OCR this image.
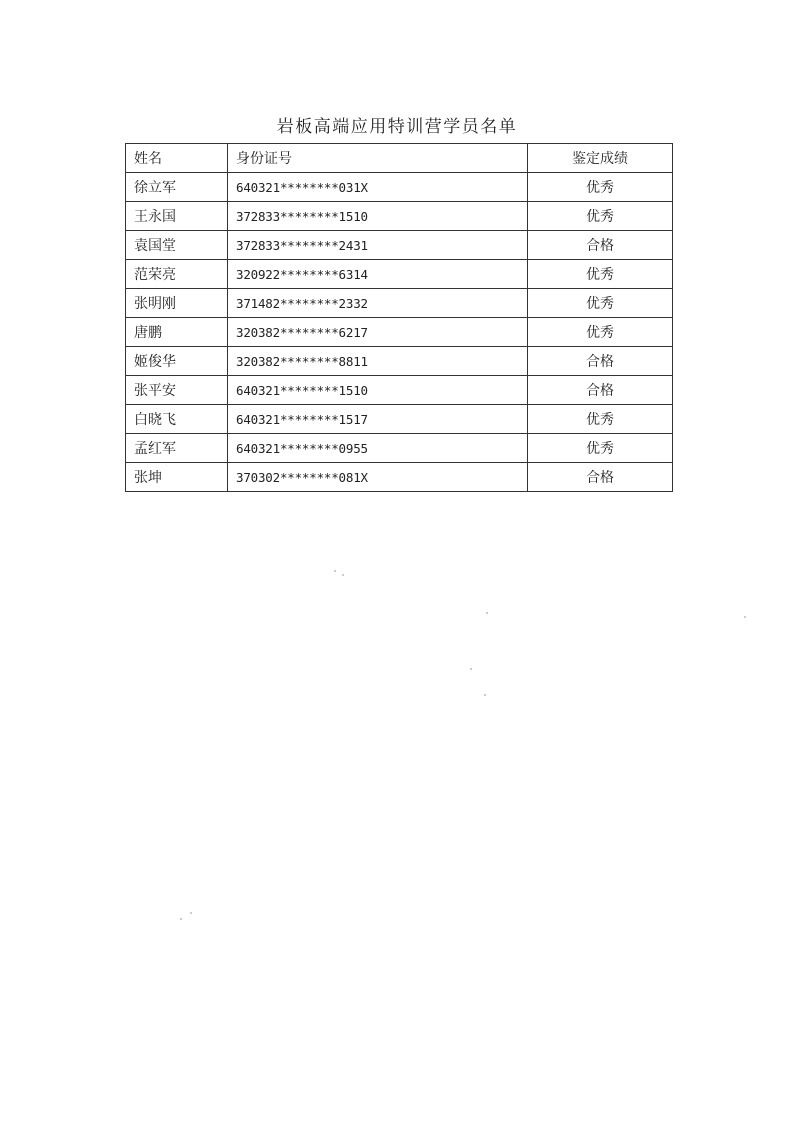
岩板高端应用特训营学员名单
姓名	身份证号	鉴定成绩
徐立军	640321********031X	优秀
王永国	372833********1510	优秀
袁国堂	372833********2431	合格
范荣亮	320922********6314	优秀
张明刚	371482********2332	优秀
唐鹏	320382********6217	优秀
姬俊华	320382********8811	合格
张平安	640321********1510	合格
白晓飞	640321********1517	优秀
孟红军	640321********0955	优秀
张坤	370302********081X	合格
